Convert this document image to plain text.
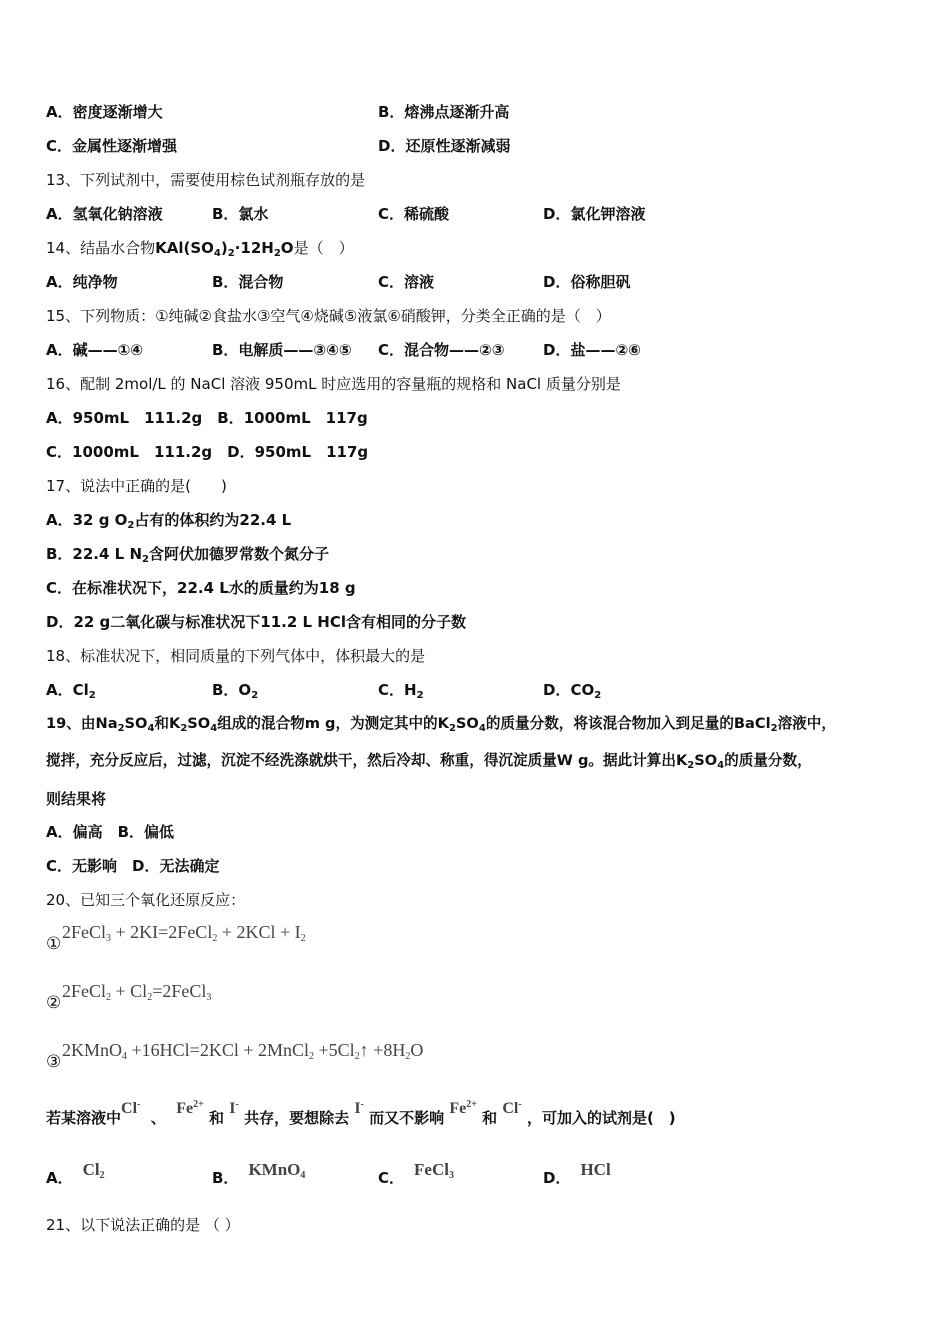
A．密度逐渐增大	B．熔沸点逐渐升高
C．金属性逐渐增强	D．还原性逐渐减弱
13、下列试剂中，需要使用棕色试剂瓶存放的是
A．氢氧化钠溶液	B．氯水	C．稀硫酸	D．氯化钾溶液
14、结晶水合物$KAl(SO_4)_2\cdot 12H_2O$是（　）
A．纯净物	B．混合物	C．溶液	D．俗称胆矾
15、下列物质：①纯碱②食盐水③空气④烧碱⑤液氯⑥硝酸钾，分类全正确的是（　）
A．碱——①④	B．电解质——③④⑤ C．混合物——②③	D．盐——②⑥
16、配制 2mol/L 的 NaCl 溶液 950mL 时应选用的容量瓶的规格和 NaCl 质量分别是
A．950mL　111.2g　B．1000mL　117g
C．1000mL　111.2g　D．950mL　117g
17、说法中正确的是(　　)
A．32 g $O_2$占有的体积约为22.4 L
B．22.4 L $N_2$含阿伏加德罗常数个氮分子
C．在标准状况下，22.4 L水的质量约为18 g
D．22 g二氧化碳与标准状况下11.2 L HCl含有相同的分子数
18、标准状况下，相同质量的下列气体中，体积最大的是
A．$Cl_2$	B．$O_2$	C．$H_2$	D．$CO_2$
19、由$Na_2SO_4$和$K_2SO_4$组成的混合物m g，为测定其中的$K_2SO_4$的质量分数，将该混合物加入到足量的BaCl$_2$溶液中，
搅拌，充分反应后，过滤，沉淀不经洗涤就烘干，然后冷却、称重，得沉淀质量W g。据此计算出$K_2SO_4$的质量分数，
则结果将
A．偏高　B．偏低
C．无影响　D．无法确定
20、已知三个氧化还原反应：
①
2FeCl$_3$ + 2KI=2FeCl$_2$ + $2KCl + I_2$
②
2FeCl$_2$ + $Cl_2=2FeCl_3$
③
2KMnO$_4$ +16HCl=2KCl + 2MnCl$_2$ $+5Cl_2↑ +8H_2O$
若某溶液中Cl-  、  $Fe^{2+}$ 和 I- 共存，要想除去 I- 而又不影响 $Fe^{2+}$ 和 Cl- ，可加入的试剂是(　)
A． $Cl_2$	B． KMnO$_4$	C． FeCl$_3$	D． HCl
21、以下说法正确的是 （ ）
